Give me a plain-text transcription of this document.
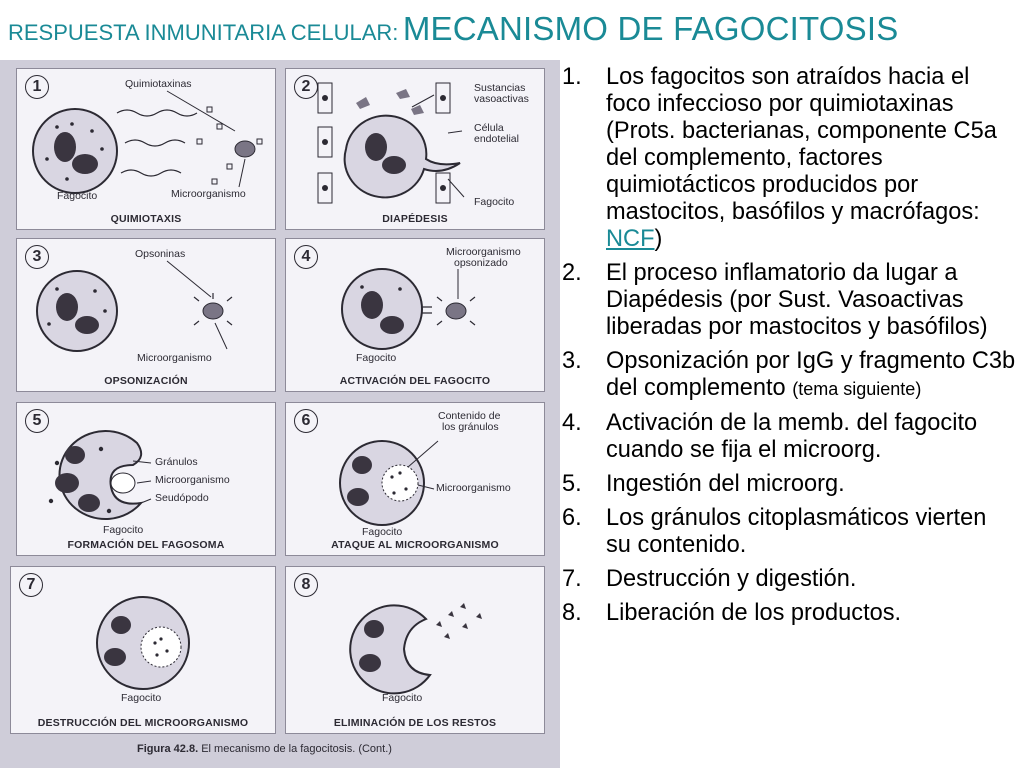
RESPUESTA INMUNITARIA CELULAR: MECANISMO DE FAGOCITOSIS
1	Quimiotaxinas
Fagocito	Microorganismo
QUIMIOTAXIS
2	Sustancias
vasoactivas
Célula
endotelial
Fagocito
DIAPÉDESIS
3	Opsoninas
Microorganismo
OPSONIZACIÓN
4	Microorganismo
opsonizado
Fagocito
ACTIVACIÓN DEL FAGOCITO
5
Gránulos
Microorganismo
Seudópodo
Fagocito
FORMACIÓN DEL FAGOSOMA
6	Contenido de
los gránulos
Microorganismo
Fagocito
ATAQUE AL MICROORGANISMO
7
Fagocito
DESTRUCCIÓN DEL MICROORGANISMO
8
Fagocito
ELIMINACIÓN DE LOS RESTOS
Figura 42.8. El mecanismo de la fagocitosis. (Cont.)
1. Los fagocitos son atraídos hacia el foco infeccioso por quimiotaxinas (Prots. bacterianas, componente C5a del complemento, factores quimiotácticos producidos por mastocitos, basófilos y macrófagos: NCF)
2. El proceso inflamatorio da lugar a Diapédesis (por Sust. Vasoactivas liberadas por mastocitos y basófilos)
3. Opsonización por IgG y fragmento C3b del complemento (tema siguiente)
4. Activación de la memb. del fagocito cuando se fija el microorg.
5. Ingestión del microorg.
6. Los gránulos citoplasmáticos vierten su contenido.
7. Destrucción y digestión.
8. Liberación de los productos.
